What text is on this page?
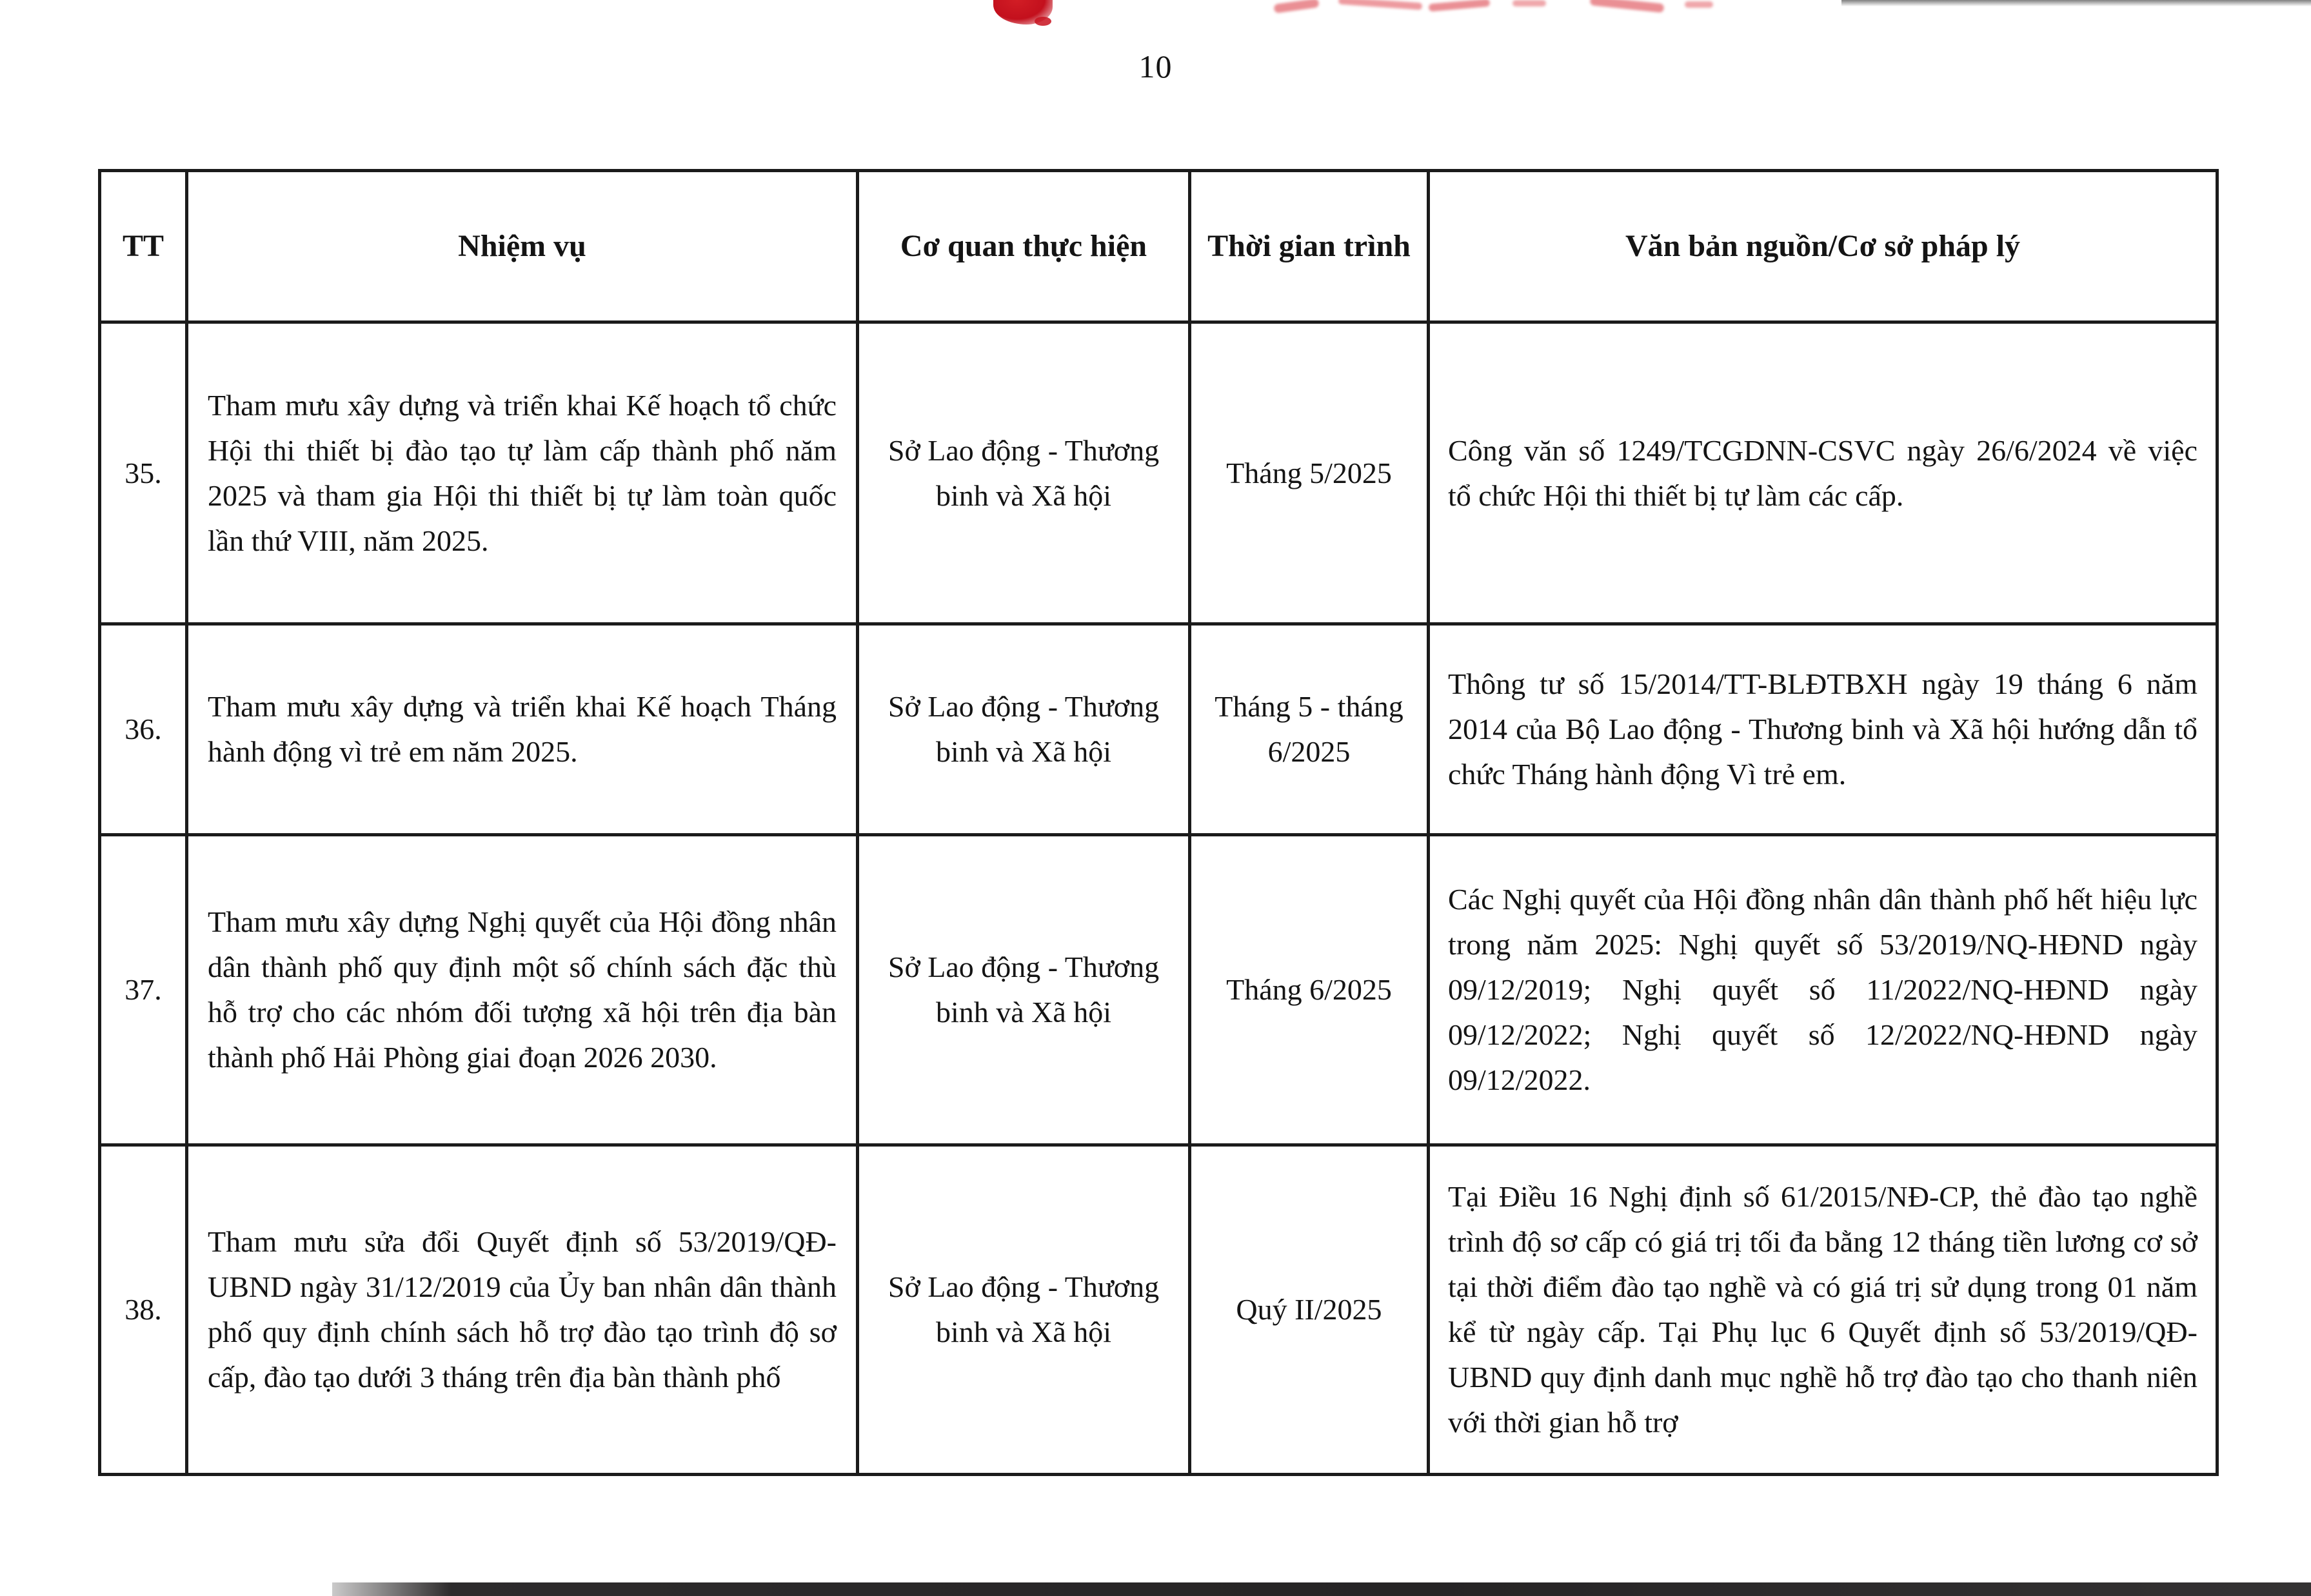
10
TT	Nhiệm vụ	Cơ quan thực hiện	Thời gian trình	Văn bản nguồn/Cơ sở pháp lý
35.	Tham mưu xây dựng và triển khai Kế hoạch tổ chức Hội thi thiết bị đào tạo tự làm cấp thành phố năm 2025 và tham gia Hội thi thiết bị tự làm toàn quốc lần thứ VIII, năm 2025.	Sở Lao động - Thương binh và Xã hội	Tháng 5/2025	Công văn số 1249/TCGDNN-CSVC ngày 26/6/2024 về việc tổ chức Hội thi thiết bị tự làm các cấp.
36.	Tham mưu xây dựng và triển khai Kế hoạch Tháng hành động vì trẻ em năm 2025.	Sở Lao động - Thương binh và Xã hội	Tháng 5 - tháng 6/2025	Thông tư số 15/2014/TT-BLĐTBXH ngày 19 tháng 6 năm 2014 của Bộ Lao động - Thương binh và Xã hội hướng dẫn tổ chức Tháng hành động Vì trẻ em.
37.	Tham mưu xây dựng Nghị quyết của Hội đồng nhân dân thành phố quy định một số chính sách đặc thù hỗ trợ cho các nhóm đối tượng xã hội trên địa bàn thành phố Hải Phòng giai đoạn 2026 2030.	Sở Lao động - Thương binh và Xã hội	Tháng 6/2025	Các Nghị quyết của Hội đồng nhân dân thành phố hết hiệu lực trong năm 2025: Nghị quyết số 53/2019/NQ-HĐND ngày 09/12/2019; Nghị quyết số 11/2022/NQ-HĐND ngày 09/12/2022; Nghị quyết số 12/2022/NQ-HĐND ngày 09/12/2022.
38.	Tham mưu sửa đổi Quyết định số 53/2019/QĐ-UBND ngày 31/12/2019 của Ủy ban nhân dân thành phố quy định chính sách hỗ trợ đào tạo trình độ sơ cấp, đào tạo dưới 3 tháng trên địa bàn thành phố	Sở Lao động - Thương binh và Xã hội	Quý II/2025	Tại Điều 16 Nghị định số 61/2015/NĐ-CP, thẻ đào tạo nghề trình độ sơ cấp có giá trị tối đa bằng 12 tháng tiền lương cơ sở tại thời điểm đào tạo nghề và có giá trị sử dụng trong 01 năm kể từ ngày cấp. Tại Phụ lục 6 Quyết định số 53/2019/QĐ-UBND quy định danh mục nghề hỗ trợ đào tạo cho thanh niên với thời gian hỗ trợ
